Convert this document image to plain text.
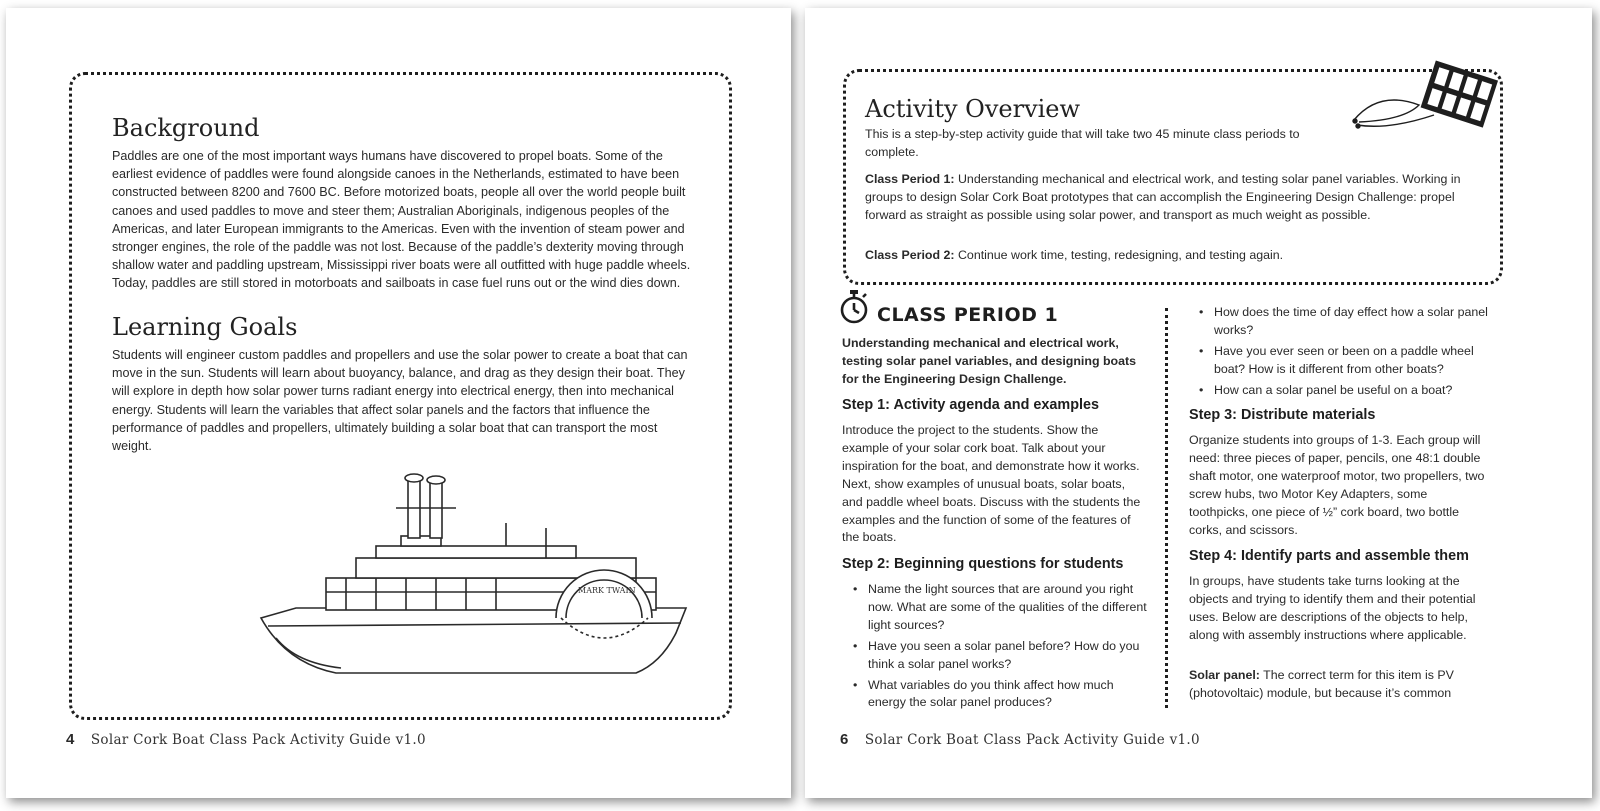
Background

Paddles are one of the most important ways humans have discovered to propel boats. Some of the earliest evidence of paddles were found alongside canoes in the Netherlands, estimated to have been constructed between 8200 and 7600 BC. Before motorized boats, people all over the world people built canoes and used paddles to move and steer them; Australian Aboriginals, indigenous peoples of the Americas, and later European immigrants to the Americas. Even with the invention of steam power and stronger engines, the role of the paddle was not lost. Because of the paddle’s dexterity moving through shallow water and paddling upstream, Mississippi river boats were all outfitted with huge paddle wheels. Today, paddles are still stored in motorboats and sailboats in case fuel runs out or the wind dies down.

Learning Goals

Students will engineer custom paddles and propellers and use the solar power to create a boat that can move in the sun. Students will learn about buoyancy, balance, and drag as they design their boat. They will explore in depth how solar power turns radiant energy into electrical energy, then into mechanical energy. Students will learn the variables that affect solar panels and the factors that influence the performance of paddles and propellers, ultimately building a solar boat that can transport the most weight.

MARK TWAIN
4 Solar Cork Boat Class Pack Activity Guide v1.0
Activity Overview

This is a step-by-step activity guide that will take two 45 minute class periods to complete.

Class Period 1: Understanding mechanical and electrical work, and testing solar panel variables. Working in groups to design Solar Cork Boat prototypes that can accomplish the Engineering Design Challenge: propel forward as straight as possible using solar power, and transport as much weight as possible.

Class Period 2: Continue work time, testing, redesigning, and testing again.

CLASS PERIOD 1

Understanding mechanical and electrical work, testing solar panel variables, and designing boats for the Engineering Design Challenge.

Step 1: Activity agenda and examples

Introduce the project to the students. Show the example of your solar cork boat. Talk about your inspiration for the boat, and demonstrate how it works. Next, show examples of unusual boats, solar boats, and paddle wheel boats. Discuss with the students the examples and the function of some of the features of the boats.

Step 2: Beginning questions for students
• Name the light sources that are around you right now. What are some of the qualities of the different light sources?
• Have you seen a solar panel before? How do you think a solar panel works?
• What variables do you think affect how much energy the solar panel produces?
• How does the time of day effect how a solar panel works?
• Have you ever seen or been on a paddle wheel boat? How is it different from other boats?
• How can a solar panel be useful on a boat?
Step 3: Distribute materials

Organize students into groups of 1-3. Each group will need: three pieces of paper, pencils, one 48:1 double shaft motor, one waterproof motor, two propellers, two screw hubs, two Motor Key Adapters, some toothpicks, one piece of ½” cork board, two bottle corks, and scissors.

Step 4: Identify parts and assemble them

In groups, have students take turns looking at the objects and trying to identify them and their potential uses. Below are descriptions of the objects to help, along with assembly instructions where applicable.

Solar panel: The correct term for this item is PV (photovoltaic) module, but because it’s common

6 Solar Cork Boat Class Pack Activity Guide v1.0
